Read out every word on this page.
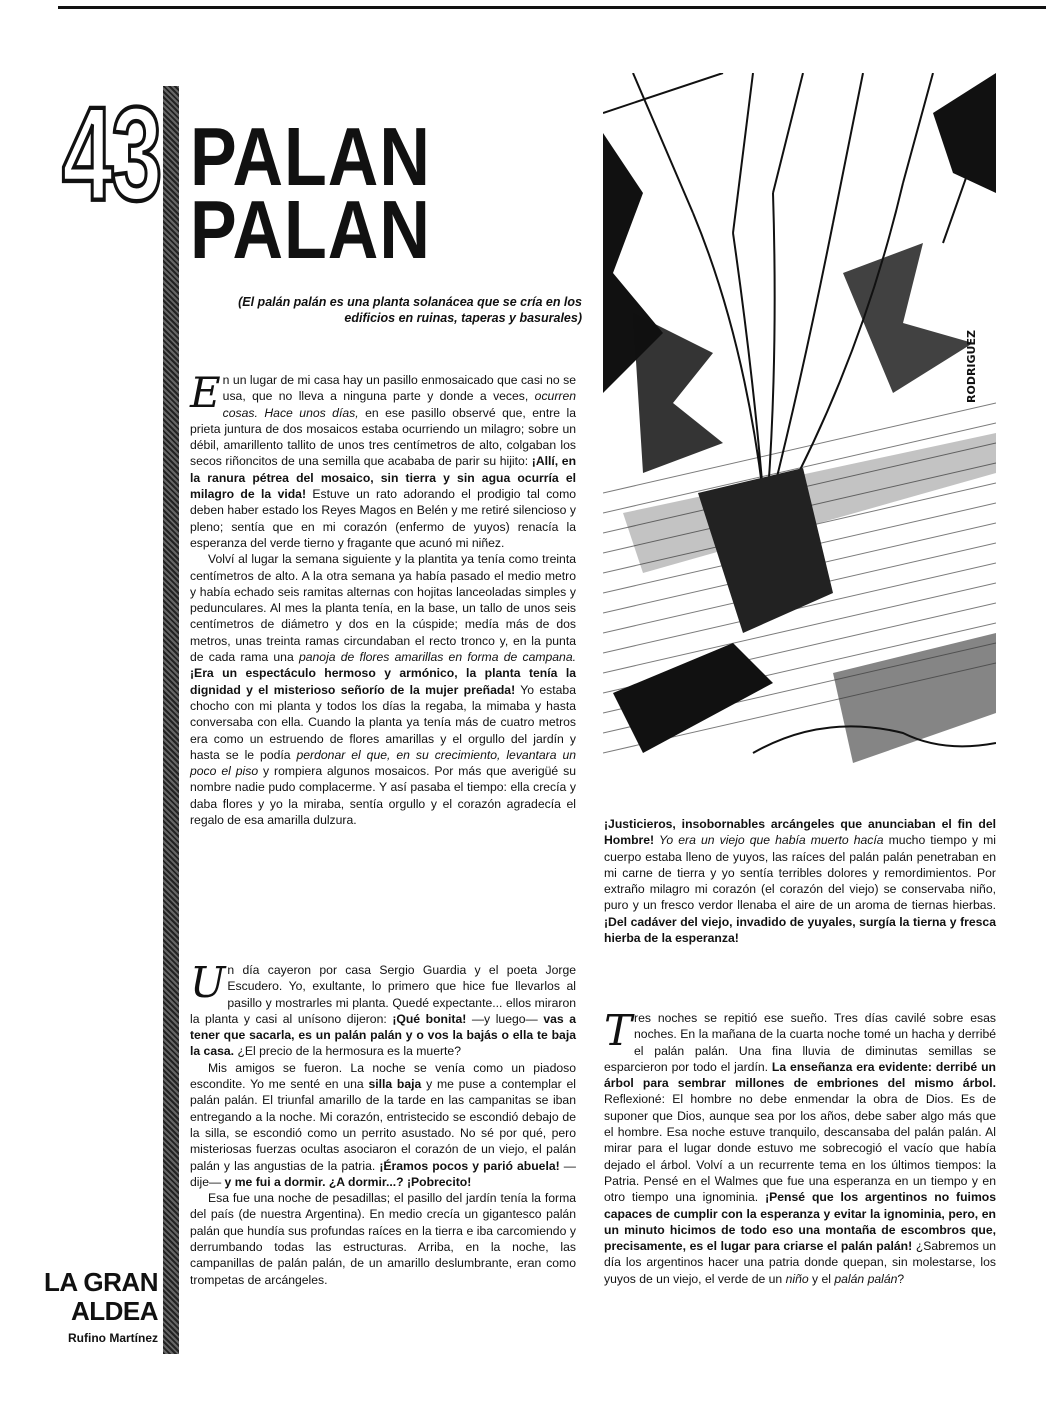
43 PALAN
PALAN
(El palán palán es una planta solanácea que se cría en los edificios en ruinas, taperas y basurales)

En un lugar de mi casa hay un pasillo enmosaicado que casi no se usa, que no lleva a ninguna parte y donde a veces, ocurren cosas. Hace unos días, en ese pasillo observé que, entre la prieta juntura de dos mosaicos estaba ocurriendo un milagro; sobre un débil, amarillento tallito de unos tres centímetros de alto, colgaban los secos riñoncitos de una semilla que acababa de parir su hijito: ¡Allí, en la ranura pétrea del mosaico, sin tierra y sin agua ocurría el milagro de la vida! Estuve un rato adorando el prodigio tal como deben haber estado los Reyes Magos en Belén y me retiré silencioso y pleno; sentía que en mi corazón (enfermo de yuyos) renacía la esperanza del verde tierno y fragante que acunó mi niñez.

Volví al lugar la semana siguiente y la plantita ya tenía como treinta centímetros de alto. A la otra semana ya había pasado el medio metro y había echado seis ramitas alternas con hojitas lanceoladas simples y pedunculares. Al mes la planta tenía, en la base, un tallo de unos seis centímetros de diámetro y dos en la cúspide; medía más de dos metros, unas treinta ramas circundaban el recto tronco y, en la punta de cada rama una panoja de flores amarillas en forma de campana. ¡Era un espectáculo hermoso y armónico, la planta tenía la dignidad y el misterioso señorío de la mujer preñada! Yo estaba chocho con mi planta y todos los días la regaba, la mimaba y hasta conversaba con ella. Cuando la planta ya tenía más de cuatro metros era como un estruendo de flores amarillas y el orgullo del jardín y hasta se le podía perdonar el que, en su crecimiento, levantara un poco el piso y rompiera algunos mosaicos. Por más que averigüé su nombre nadie pudo complacerme. Y así pasaba el tiempo: ella crecía y daba flores y yo la miraba, sentía orgullo y el corazón agradecía el regalo de esa amarilla dulzura.

Un día cayeron por casa Sergio Guardia y el poeta Jorge Escudero. Yo, exultante, lo primero que hice fue llevarlos al pasillo y mostrarles mi planta. Quedé expectante... ellos miraron la planta y casi al unísono dijeron: ¡Qué bonita! —y luego— vas a tener que sacarla, es un palán palán y o vos la bajás o ella te baja la casa. ¿El precio de la hermosura es la muerte?

Mis amigos se fueron. La noche se venía como un piadoso escondite. Yo me senté en una silla baja y me puse a contemplar el palán palán. El triunfal amarillo de la tarde en las campanitas se iban entregando a la noche. Mi corazón, entristecido se escondió debajo de la silla, se escondió como un perrito asustado. No sé por qué, pero misteriosas fuerzas ocultas asociaron el corazón de un viejo, el palán palán y las angustias de la patria. ¡Éramos pocos y parió abuela! —dije— y me fui a dormir. ¿A dormir...? ¡Pobrecito!

Esa fue una noche de pesadillas; el pasillo del jardín tenía la forma del país (de nuestra Argentina). En medio crecía un gigantesco palán palán que hundía sus profundas raíces en la tierra e iba carcomiendo y derrumbando todas las estructuras. Arriba, en la noche, las campanillas de palán palán, de un amarillo deslumbrante, eran como trompetas de arcángeles.

RODRIGUEZ

¡Justicieros, insobornables arcángeles que anunciaban el fin del Hombre! Yo era un viejo que había muerto hacía mucho tiempo y mi cuerpo estaba lleno de yuyos, las raíces del palán palán penetraban en mi carne de tierra y yo sentía terribles dolores y remordimientos. Por extraño milagro mi corazón (el corazón del viejo) se conservaba niño, puro y un fresco verdor llenaba el aire de un aroma de tiernas hierbas. ¡Del cadáver del viejo, invadido de yuyales, surgía la tierna y fresca hierba de la esperanza!

Tres noches se repitió ese sueño. Tres días cavilé sobre esas noches. En la mañana de la cuarta noche tomé un hacha y derribé el palán palán. Una fina lluvia de diminutas semillas se esparcieron por todo el jardín. La enseñanza era evidente: derribé un árbol para sembrar millones de embriones del mismo árbol. Reflexioné: El hombre no debe enmendar la obra de Dios. Es de suponer que Dios, aunque sea por los años, debe saber algo más que el hombre. Esa noche estuve tranquilo, descansaba del palán palán. Al mirar para el lugar donde estuvo me sobrecogió el vacío que había dejado el árbol. Volví a un recurrente tema en los últimos tiempos: la Patria. Pensé en el Walmes que fue una esperanza en un tiempo y en otro tiempo una ignominia. ¡Pensé que los argentinos no fuimos capaces de cumplir con la esperanza y evitar la ignominia, pero, en un minuto hicimos de todo eso una montaña de escombros que, precisamente, es el lugar para criarse el palán palán! ¿Sabremos un día los argentinos hacer una patria donde quepan, sin molestarse, los yuyos de un viejo, el verde de un niño y el palán palán?

LA GRAN
ALDEA
Rufino Martínez
